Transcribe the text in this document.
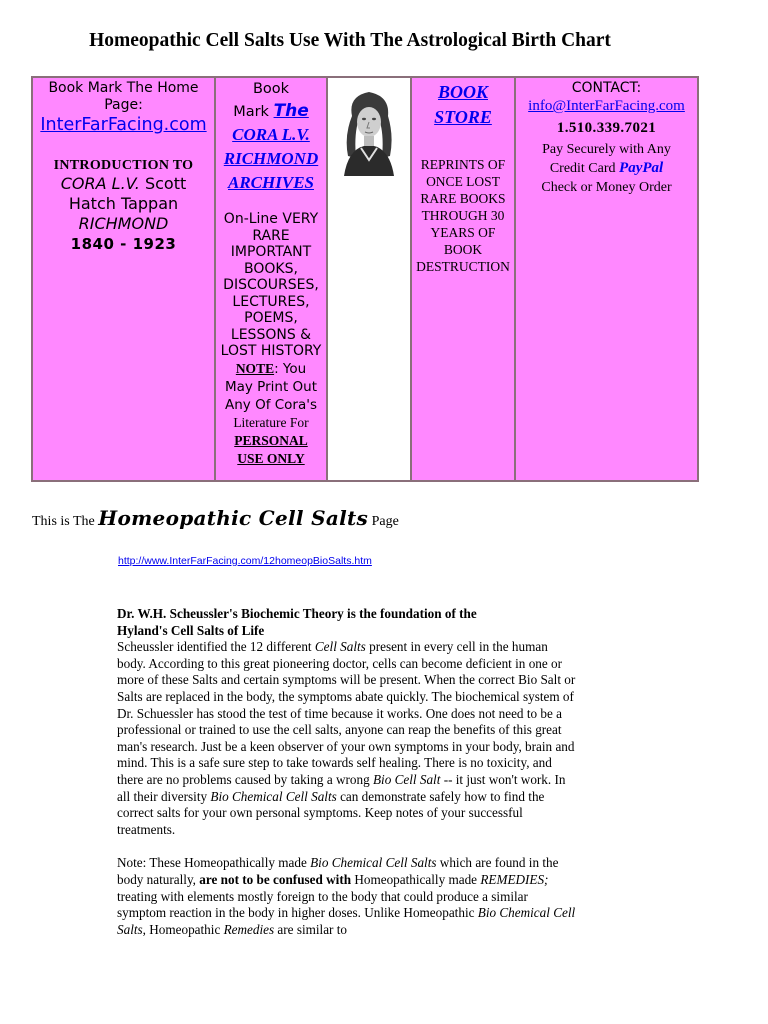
Homeopathic Cell Salts Use With The Astrological Birth Chart
Book Mark The Home
Page:
InterFarFacing.com
INTRODUCTION TO
CORA L.V. Scott
Hatch Tappan
RICHMOND
1840 - 1923

Book
Mark The
CORA L.V.
RICHMOND
ARCHIVES
On-Line VERY
RARE
IMPORTANT
BOOKS,
DISCOURSES,
LECTURES,
POEMS,
LESSONS &
LOST HISTORY
NOTE: You
May Print Out
Any Of Cora's
Literature For
PERSONAL
USE ONLY

BOOK
STORE
REPRINTS OF
ONCE LOST
RARE BOOKS
THROUGH 30
YEARS OF
BOOK
DESTRUCTION

CONTACT:
info@InterFarFacing.com
1.510.339.7021
Pay Securely with Any
Credit Card PayPal
Check or Money Order
This is The Homeopathic Cell Salts Page
http://www.InterFarFacing.com/12homeopBioSalts.htm

Dr. W.H. Scheussler's Biochemic Theory is the foundation of the
Hyland's Cell Salts of Life

Scheussler identified the 12 different Cell Salts present in every cell in the human body. According to this great pioneering doctor, cells can become deficient in one or more of these Salts and certain symptoms will be present. When the correct Bio Salt or Salts are replaced in the body, the symptoms abate quickly. The biochemical system of Dr. Schuessler has stood the test of time because it works. One does not need to be a professional or trained to use the cell salts, anyone can reap the benefits of this great man's research. Just be a keen observer of your own symptoms in your body, brain and mind. This is a safe sure step to take towards self healing. There is no toxicity, and there are no problems caused by taking a wrong Bio Cell Salt -- it just won't work. In all their diversity Bio Chemical Cell Salts can demonstrate safely how to find the correct salts for your own personal symptoms. Keep notes of your successful treatments.

Note: These Homeopathically made Bio Chemical Cell Salts which are found in the body naturally, are not to be confused with Homeopathically made REMEDIES; treating with elements mostly foreign to the body that could produce a similar symptom reaction in the body in higher doses. Unlike Homeopathic Bio Chemical Cell Salts, Homeopathic Remedies are similar to
